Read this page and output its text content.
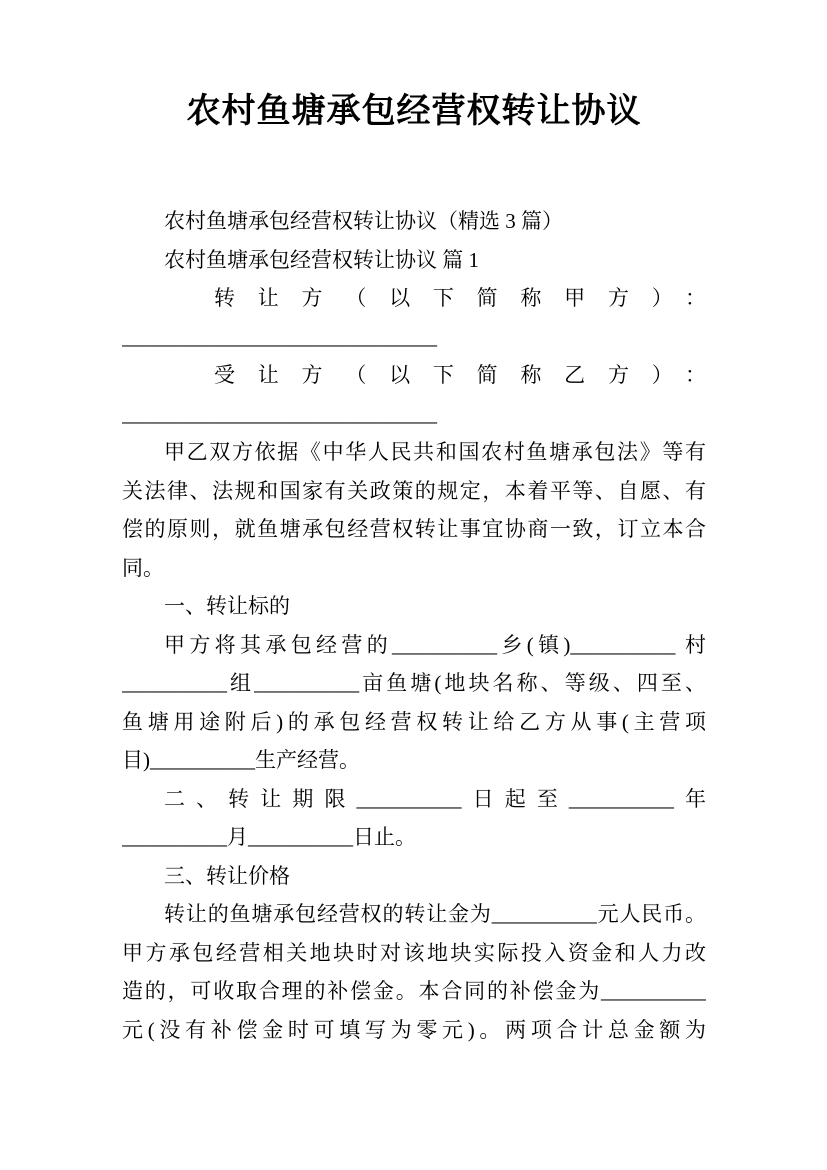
农村鱼塘承包经营权转让协议
农村鱼塘承包经营权转让协议（精选 3 篇）
农村鱼塘承包经营权转让协议 篇 1
转让方（以下简称甲方）：
______________________________
受让方（以下简称乙方）：
______________________________
甲乙双方依据《中华人民共和国农村鱼塘承包法》等有
关法律、法规和国家有关政策的规定，本着平等、自愿、有
偿的原则，就鱼塘承包经营权转让事宜协商一致，订立本合
同。
一、转让标的
甲方将其承包经营的__________乡(镇)__________ 村
__________组__________亩鱼塘(地块名称、等级、四至、
鱼塘用途附后)的承包经营权转让给乙方从事(主营项
目)__________生产经营。
二、转让期限__________日起至__________年
__________月__________日止。
三、转让价格
转让的鱼塘承包经营权的转让金为__________元人民币。
甲方承包经营相关地块时对该地块实际投入资金和人力改
造的，可收取合理的补偿金。本合同的补偿金为__________
元(没有补偿金时可填写为零元)。两项合计总金额为
